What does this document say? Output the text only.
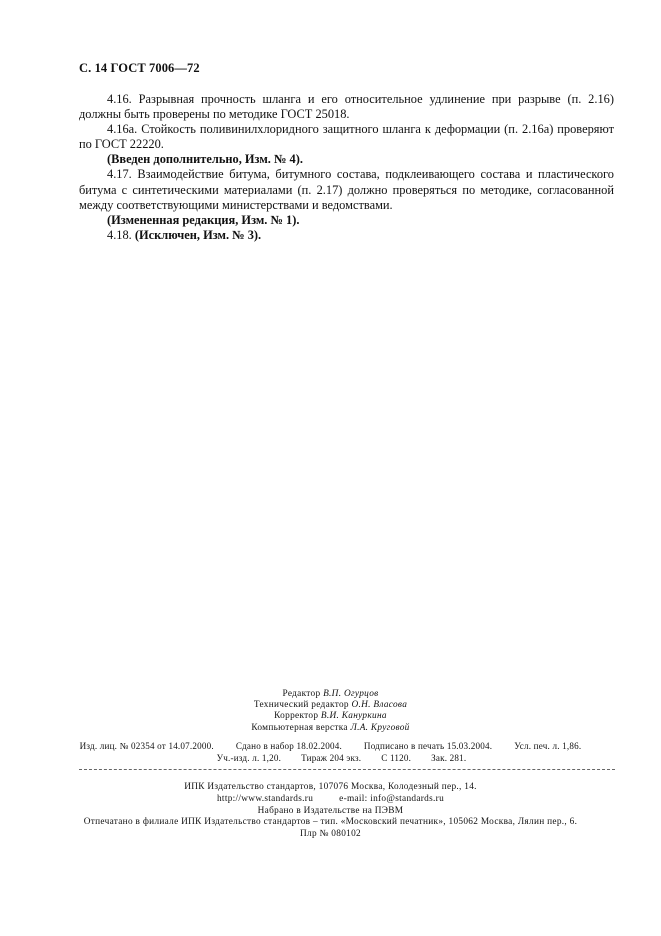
С. 14 ГОСТ 7006—72

4.16. Разрывная прочность шланга и его относительное удлинение при разрыве (п. 2.16) должны быть проверены по методике ГОСТ 25018.

4.16а. Стойкость поливинилхлоридного защитного шланга к деформации (п. 2.16а) проверяют по ГОСТ 22220.

(Введен дополнительно, Изм. № 4).

4.17. Взаимодействие битума, битумного состава, подклеивающего состава и пластического битума с синтетическими материалами (п. 2.17) должно проверяться по методике, согласованной между соответствующими министерствами и ведомствами.

(Измененная редакция, Изм. № 1).

4.18. (Исключен, Изм. № 3).

Редактор В.П. Огурцов
Технический редактор О.Н. Власова
Корректор В.И. Кануркина
Компьютерная верстка Л.А. Круговой
Изд. лиц. № 02354 от 14.07.2000. Сдано в набор 18.02.2004. Подписано в печать 15.03.2004. Усл. печ. л. 1,86.
Уч.-изд. л. 1,20. Тираж 204 экз. С 1120. Зак. 281.
ИПК Издательство стандартов, 107076 Москва, Колодезный пер., 14.
http://www.standards.ru	e-mail: info@standards.ru
Набрано в Издательстве на ПЭВМ
Отпечатано в филиале ИПК Издательство стандартов – тип. «Московский печатник», 105062 Москва, Лялин пер., 6.
Плр № 080102
